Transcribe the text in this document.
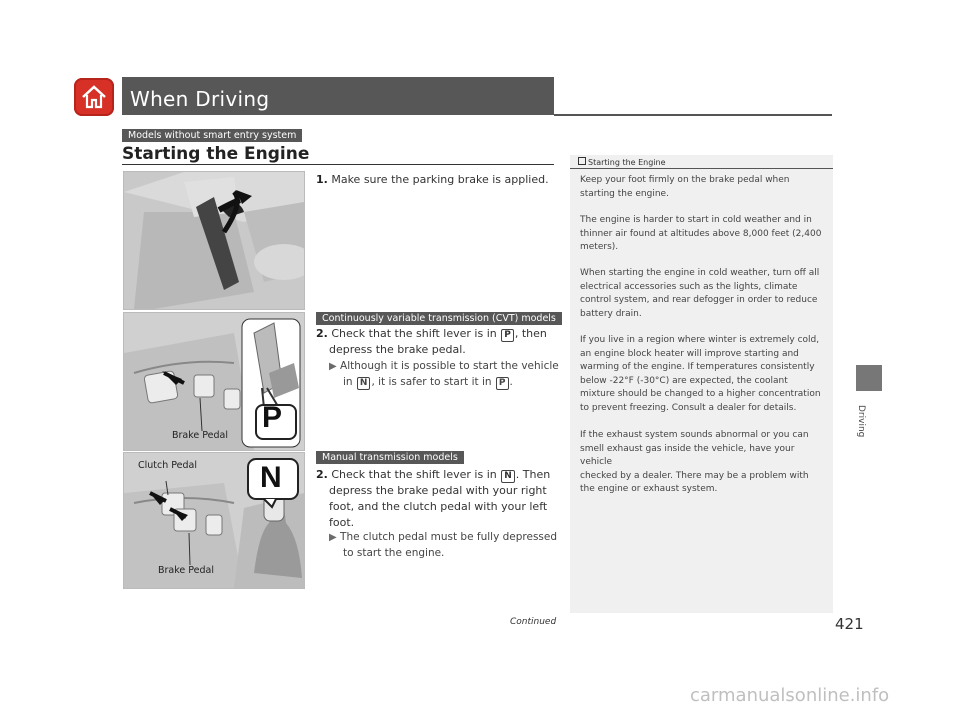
When Driving
Models without smart entry system
Starting the Engine
1. Make sure the parking brake is applied.
Continuously variable transmission (CVT) models
P
Brake Pedal
2. Check that the shift lever is in P , then
depress the brake pedal.
▶ Although it is possible to start the vehicle
in N , it is safer to start it in P .
Manual transmission models
N
Clutch Pedal
Brake Pedal
2. Check that the shift lever is in N . Then
depress the brake pedal with your right
foot, and the clutch pedal with your left
foot.
▶ The clutch pedal must be fully depressed
to start the engine.
Starting the Engine
Keep your foot firmly on the brake pedal when
starting the engine.
The engine is harder to start in cold weather and in
thinner air found at altitudes above 8,000 feet (2,400
meters).
When starting the engine in cold weather, turn off all
electrical accessories such as the lights, climate
control system, and rear defogger in order to reduce
battery drain.
If you live in a region where winter is extremely cold,
an engine block heater will improve starting and
warming of the engine. If temperatures consistently
below -22°F (-30°C) are expected, the coolant
mixture should be changed to a higher concentration
to prevent freezing. Consult a dealer for details.
If the exhaust system sounds abnormal or you can
smell exhaust gas inside the vehicle, have your vehicle
checked by a dealer. There may be a problem with
the engine or exhaust system.
Driving
Continued	421
carmanualsonline.info
